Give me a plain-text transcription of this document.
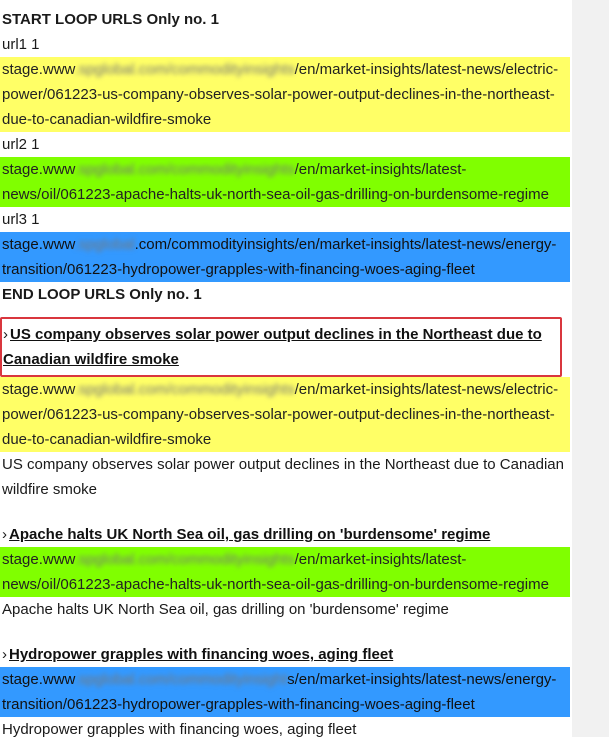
START LOOP URLS Only no. 1

url1 1

stage.www.spglobal.com/commodityinsights/en/market-insights/latest-news/electric-power/061223-us-company-observes-solar-power-output-declines-in-the-northeast-due-to-canadian-wildfire-smoke

url2 1

stage.www.spglobal.com/commodityinsights/en/market-insights/latest-news/oil/061223-apache-halts-uk-north-sea-oil-gas-drilling-on-burdensome-regime

url3 1

stage.www.spglobal.com/commodityinsights/en/market-insights/latest-news/energy-transition/061223-hydropower-grapples-with-financing-woes-aging-fleet

END LOOP URLS Only no. 1

› US company observes solar power output declines in the Northeast due to Canadian wildfire smoke

stage.www.spglobal.com/commodityinsights/en/market-insights/latest-news/electric-power/061223-us-company-observes-solar-power-output-declines-in-the-northeast-due-to-canadian-wildfire-smoke

US company observes solar power output declines in the Northeast due to Canadian wildfire smoke

› Apache halts UK North Sea oil, gas drilling on 'burdensome' regime

stage.www.spglobal.com/commodityinsights/en/market-insights/latest-news/oil/061223-apache-halts-uk-north-sea-oil-gas-drilling-on-burdensome-regime

Apache halts UK North Sea oil, gas drilling on 'burdensome' regime

› Hydropower grapples with financing woes, aging fleet

stage.www.spglobal.com/commodityinsights/en/market-insights/latest-news/energy-transition/061223-hydropower-grapples-with-financing-woes-aging-fleet

Hydropower grapples with financing woes, aging fleet
